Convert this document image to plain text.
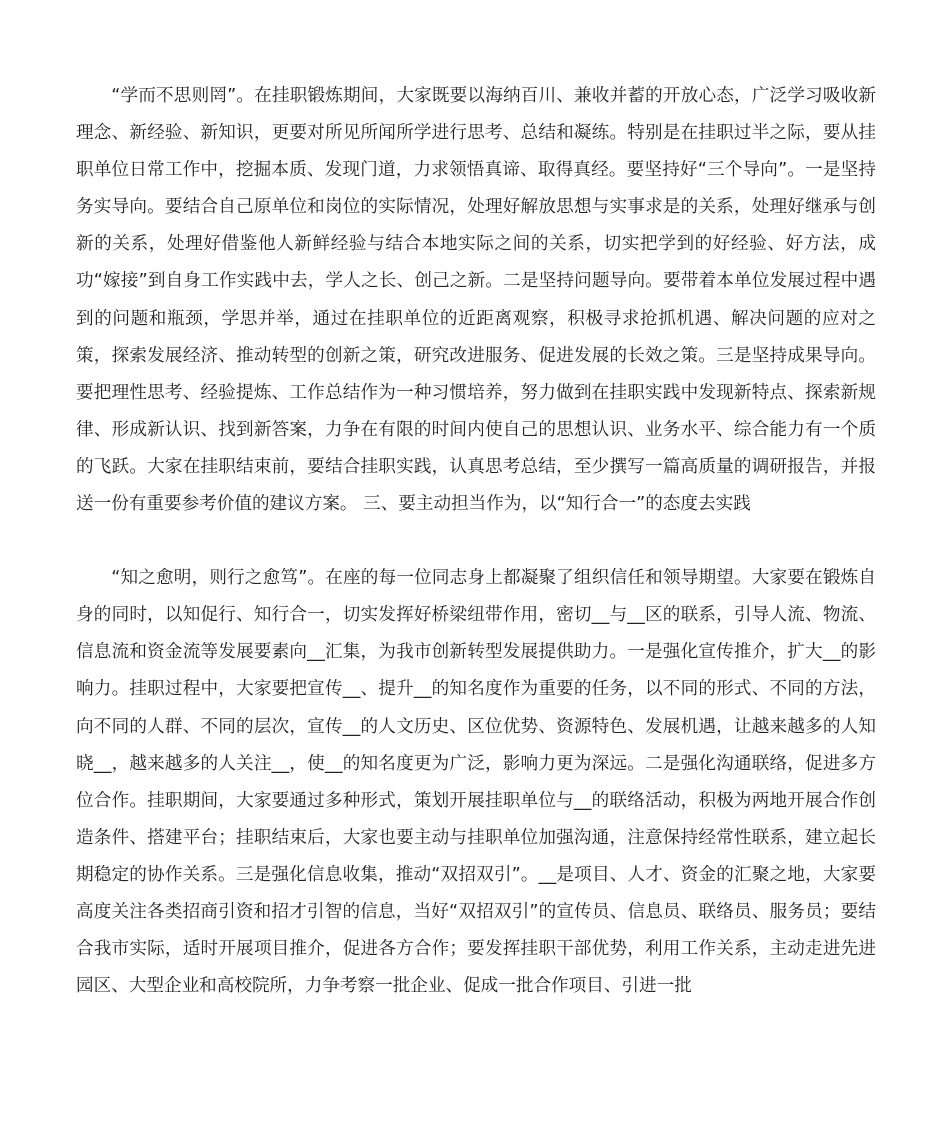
“学而不思则罔”。在挂职锻炼期间，大家既要以海纳百川、兼收并蓄的开放心态，广泛学习吸收新理念、新经验、新知识，更要对所见所闻所学进行思考、总结和凝练。特别是在挂职过半之际，要从挂职单位日常工作中，挖掘本质、发现门道，力求领悟真谛、取得真经。要坚持好“三个导向”。一是坚持务实导向。要结合自己原单位和岗位的实际情况，处理好解放思想与实事求是的关系，处理好继承与创新的关系，处理好借鉴他人新鲜经验与结合本地实际之间的关系，切实把学到的好经验、好方法，成功“嫁接”到自身工作实践中去，学人之长、创己之新。二是坚持问题导向。要带着本单位发展过程中遇到的问题和瓶颈，学思并举，通过在挂职单位的近距离观察，积极寻求抢抓机遇、解决问题的应对之策，探索发展经济、推动转型的创新之策，研究改进服务、促进发展的长效之策。三是坚持成果导向。要把理性思考、经验提炼、工作总结作为一种习惯培养，努力做到在挂职实践中发现新特点、探索新规律、形成新认识、找到新答案，力争在有限的时间内使自己的思想认识、业务水平、综合能力有一个质的飞跃。大家在挂职结束前，要结合挂职实践，认真思考总结，至少撰写一篇高质量的调研报告，并报送一份有重要参考价值的建议方案。 三、要主动担当作为，以“知行合一”的态度去实践

“知之愈明，则行之愈笃”。在座的每一位同志身上都凝聚了组织信任和领导期望。大家要在锻炼自身的同时，以知促行、知行合一，切实发挥好桥梁纽带作用，密切__与__区的联系，引导人流、物流、信息流和资金流等发展要素向__汇集，为我市创新转型发展提供助力。一是强化宣传推介，扩大__的影响力。挂职过程中，大家要把宣传__、提升__的知名度作为重要的任务，以不同的形式、不同的方法，向不同的人群、不同的层次，宣传__的人文历史、区位优势、资源特色、发展机遇，让越来越多的人知晓__，越来越多的人关注__，使__的知名度更为广泛，影响力更为深远。二是强化沟通联络，促进多方位合作。挂职期间，大家要通过多种形式，策划开展挂职单位与__的联络活动，积极为两地开展合作创造条件、搭建平台；挂职结束后，大家也要主动与挂职单位加强沟通，注意保持经常性联系，建立起长期稳定的协作关系。三是强化信息收集，推动“双招双引”。__是项目、人才、资金的汇聚之地，大家要高度关注各类招商引资和招才引智的信息，当好“双招双引”的宣传员、信息员、联络员、服务员；要结合我市实际，适时开展项目推介，促进各方合作；要发挥挂职干部优势，利用工作关系，主动走进先进园区、大型企业和高校院所，力争考察一批企业、促成一批合作项目、引进一批
